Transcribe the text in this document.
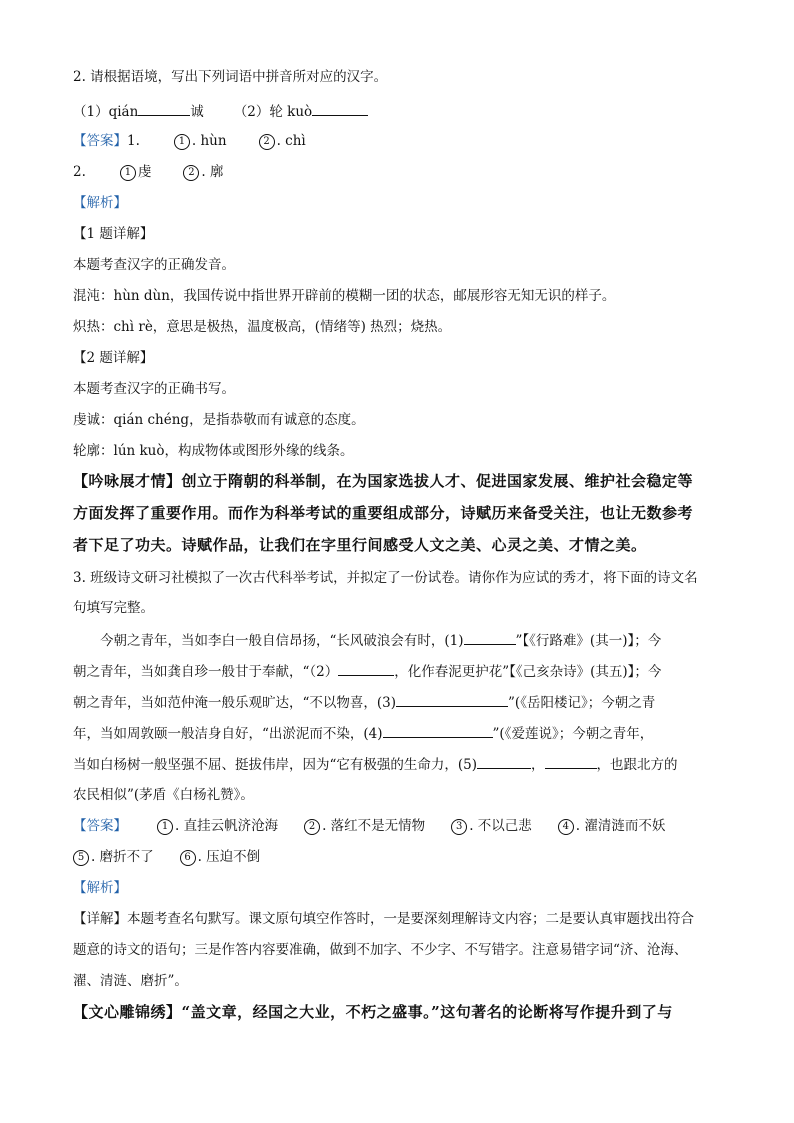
2. 请根据语境，写出下列词语中拼音所对应的汉字。
（1）qián	诚 （2）轮 kuò
【答案】1.	1 . hùn	2 . chì
2.	1 虔	2 . 廓
【解析】
【1 题详解】
本题考查汉字的正确发音。
混沌：hùn dùn，我国传说中指世界开辟前的模糊一团的状态，邮展形容无知无识的样子。
炽热：chì rè，意思是极热，温度极高，(情绪等) 热烈；烧热。
【2 题详解】
本题考查汉字的正确书写。
虔诚：qián chéng，是指恭敬而有诚意的态度。
轮廓：lún kuò，构成物体或图形外缘的线条。
【吟咏展才情】创立于隋朝的科举制，在为国家选拔人才、促进国家发展、维护社会稳定等
方面发挥了重要作用。而作为科举考试的重要组成部分，诗赋历来备受关注，也让无数参考
者下足了功夫。诗赋作品，让我们在字里行间感受人文之美、心灵之美、才情之美。
3. 班级诗文研习社模拟了一次古代科举考试，并拟定了一份试卷。请你作为应试的秀才，将下面的诗文名
句填写完整。
今朝之青年，当如李白一般自信昂扬，“长风破浪会有时，(1)	”【《行路难》(其一)】；今
朝之青年，当如龚自珍一般甘于奉献，“（2）	，化作春泥更护花”【《己亥杂诗》(其五)】；今
朝之青年，当如范仲淹一般乐观旷达，“不以物喜，(3)	”(《岳阳楼记》；今朝之青
年，当如周敦颐一般洁身自好，“出淤泥而不染，(4)	”(《爱莲说》；今朝之青年，
当如白杨树一般坚强不屈、挺拔伟岸，因为“它有极强的生命力，(5)	，	，也跟北方的
农民相似”(茅盾《白杨礼赞》。
【答案】	1 . 直挂云帆济沧海	2 . 落红不是无情物	3 . 不以己悲	4 . 濯清涟而不妖
5 . 磨折不了	6 . 压迫不倒
【解析】
【详解】本题考查名句默写。课文原句填空作答时，一是要深刻理解诗文内容；二是要认真审题找出符合
题意的诗文的语句；三是作答内容要准确，做到不加字、不少字、不写错字。注意易错字词“济、沧海、
濯、清涟、磨折”。
【文心雕锦绣】“盖文章，经国之大业，不朽之盛事。”这句著名的论断将写作提升到了与
